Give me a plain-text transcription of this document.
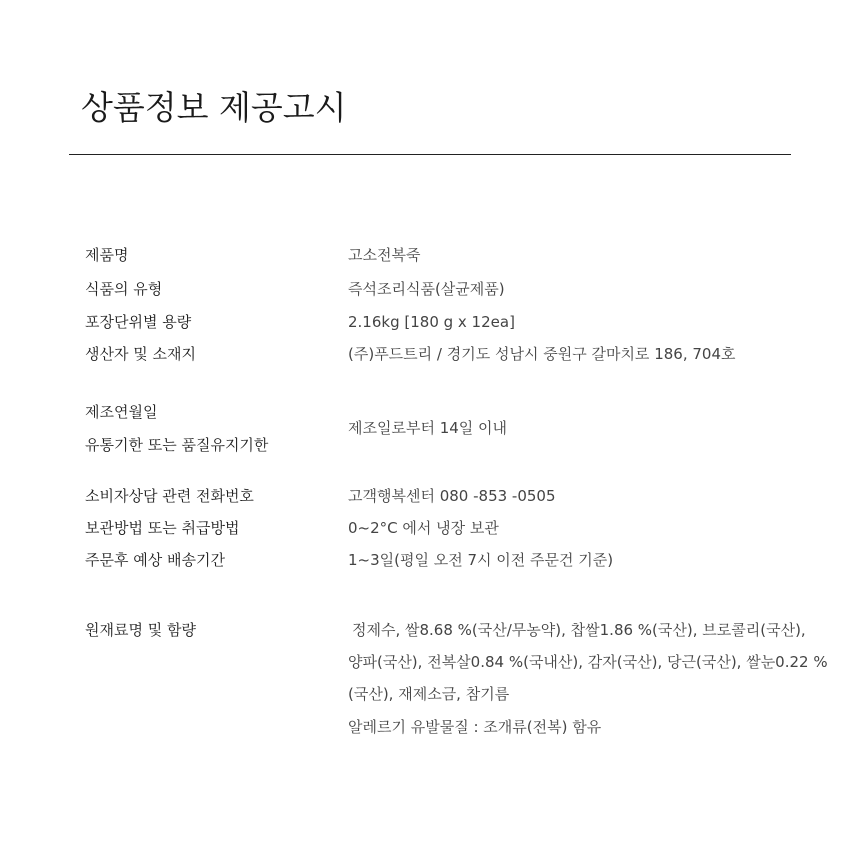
상품정보 제공고시
제품명	고소전복죽
식품의 유형	즉석조리식품(살균제품)
포장단위별 용량	2.16kg [180 g x 12ea]
생산자 및 소재지	(주)푸드트리 / 경기도 성남시 중원구 갈마치로 186, 704호
제조연월일
유통기한 또는 품질유지기한
제조일로부터 14일 이내
소비자상담 관련 전화번호	고객행복센터 080 -853 -0505
보관방법 또는 취급방법	0~2°C 에서 냉장 보관
주문후 예상 배송기간	1~3일(평일 오전 7시 이전 주문건 기준)
원재료명 및 함량	정제수, 쌀8.68 %(국산/무농약), 찹쌀1.86 %(국산), 브로콜리(국산),
양파(국산), 전복살0.84 %(국내산), 감자(국산), 당근(국산), 쌀눈0.22 %
(국산), 재제소금, 참기름
알레르기 유발물질 : 조개류(전복) 함유
